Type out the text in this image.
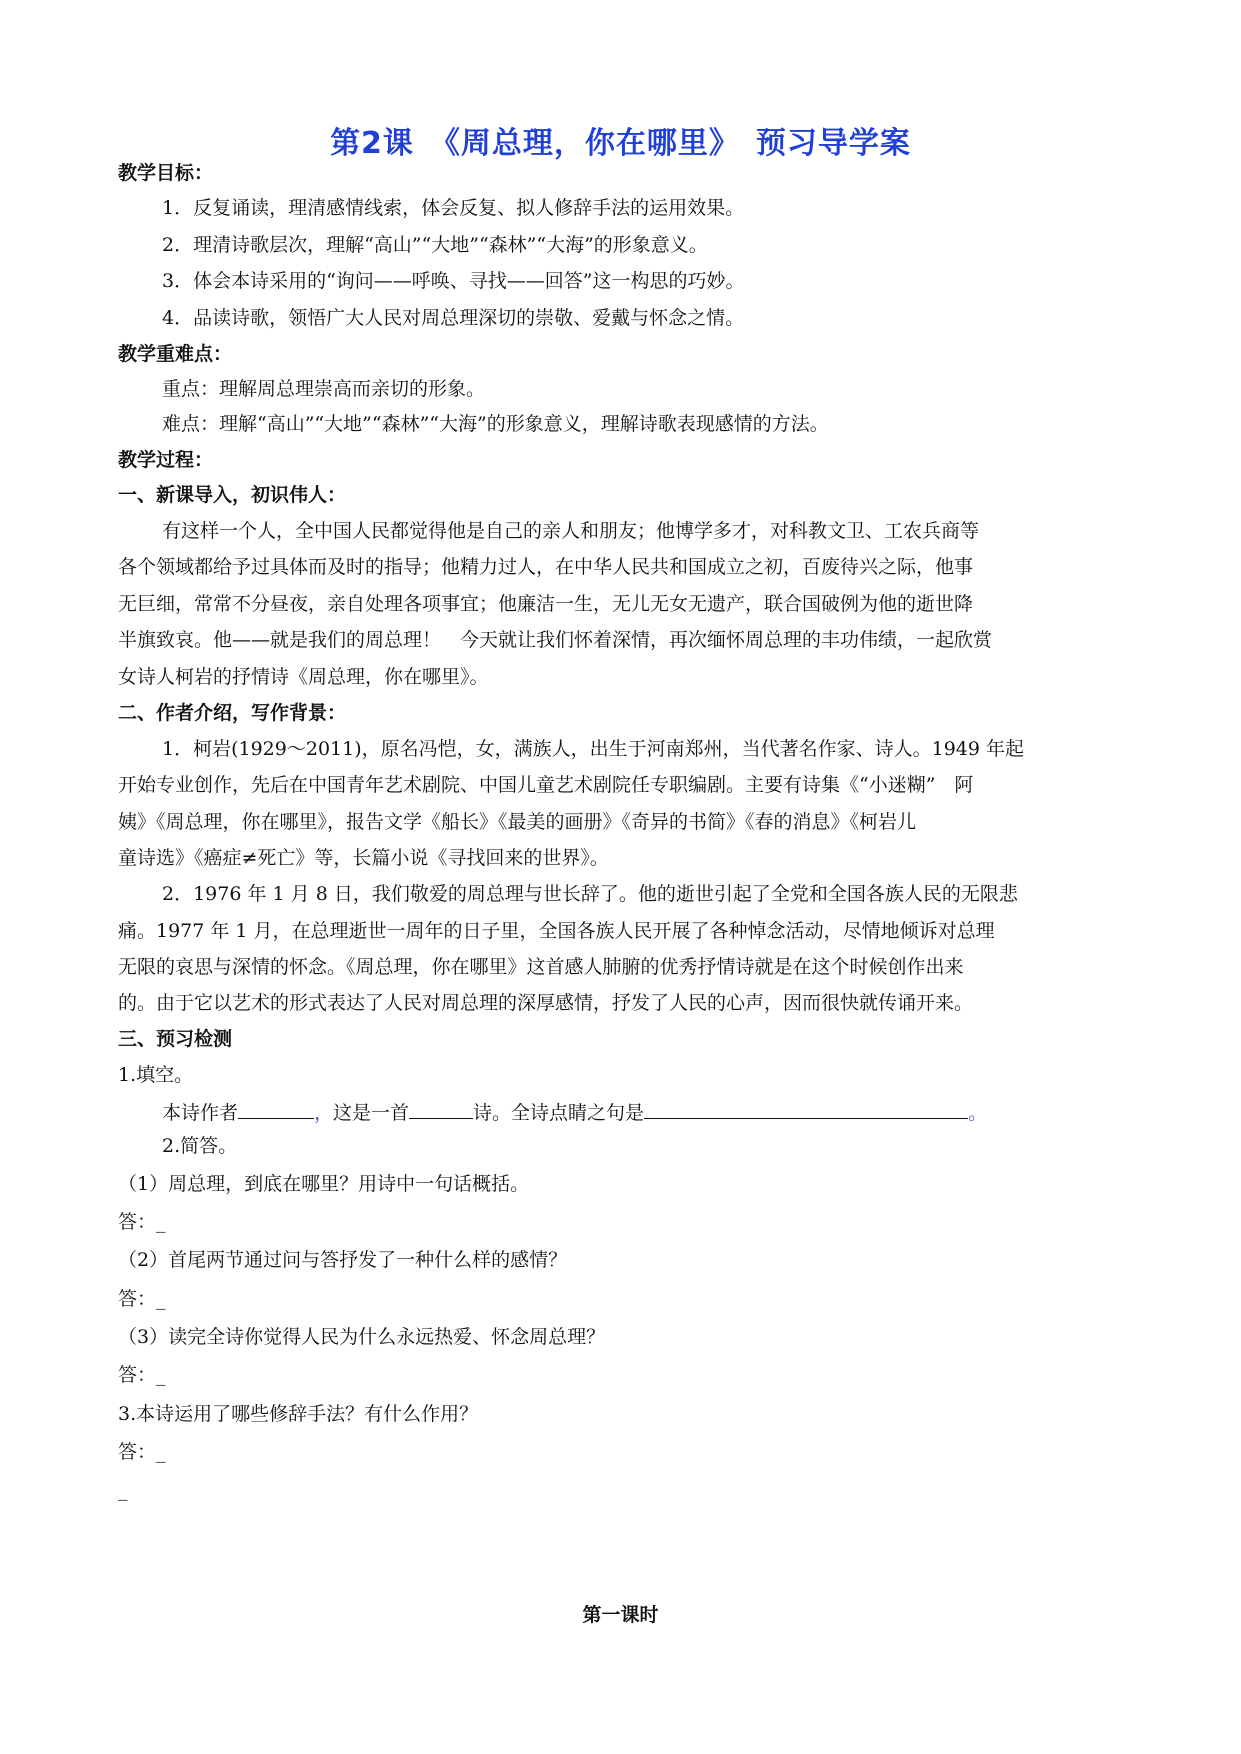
第2课　《周总理，你在哪里》　预习导学案
教学目标：
1．反复诵读，理清感情线索，体会反复、拟人修辞手法的运用效果。
2．理清诗歌层次，理解“高山”“大地”“森林”“大海”的形象意义。
3．体会本诗采用的“询问——呼唤、寻找——回答”这一构思的巧妙。
4．品读诗歌，领悟广大人民对周总理深切的崇敬、爱戴与怀念之情。
教学重难点：
重点：理解周总理崇高而亲切的形象。
难点：理解“高山”“大地”“森林”“大海”的形象意义，理解诗歌表现感情的方法。
教学过程：
一、新课导入，初识伟人：
有这样一个人，全中国人民都觉得他是自己的亲人和朋友；他博学多才，对科教文卫、工农兵商等
各个领域都给予过具体而及时的指导；他精力过人，在中华人民共和国成立之初，百废待兴之际，他事
无巨细，常常不分昼夜，亲自处理各项事宜；他廉洁一生，无儿无女无遗产，联合国破例为他的逝世降
半旗致哀。他——就是我们的周总理！　今天就让我们怀着深情，再次缅怀周总理的丰功伟绩，一起欣赏
女诗人柯岩的抒情诗《周总理，你在哪里》。
二、作者介绍，写作背景：
1．柯岩(1929～2011)，原名冯恺，女，满族人，出生于河南郑州，当代著名作家、诗人。1949 年起
开始专业创作，先后在中国青年艺术剧院、中国儿童艺术剧院任专职编剧。主要有诗集《“小迷糊”　阿
姨》《周总理，你在哪里》，报告文学《船长》《最美的画册》《奇异的书简》《春的消息》《柯岩儿
童诗选》《癌症≠死亡》等，长篇小说《寻找回来的世界》。
2．1976 年 1 月 8 日，我们敬爱的周总理与世长辞了。他的逝世引起了全党和全国各族人民的无限悲
痛。1977 年 1 月，在总理逝世一周年的日子里，全国各族人民开展了各种悼念活动，尽情地倾诉对总理
无限的哀思与深情的怀念。《周总理，你在哪里》这首感人肺腑的优秀抒情诗就是在这个时候创作出来
的。由于它以艺术的形式表达了人民对周总理的深厚感情，抒发了人民的心声，因而很快就传诵开来。
三、预习检测
1.填空。
本诗作者	，这是一首	诗。全诗点睛之句是	。
2.简答。
（1）周总理，到底在哪里？用诗中一句话概括。
答：_
（2）首尾两节通过问与答抒发了一种什么样的感情？
答：_
（3）读完全诗你觉得人民为什么永远热爱、怀念周总理？
答：_
3.本诗运用了哪些修辞手法？有什么作用？
答：_
_
第一课时
